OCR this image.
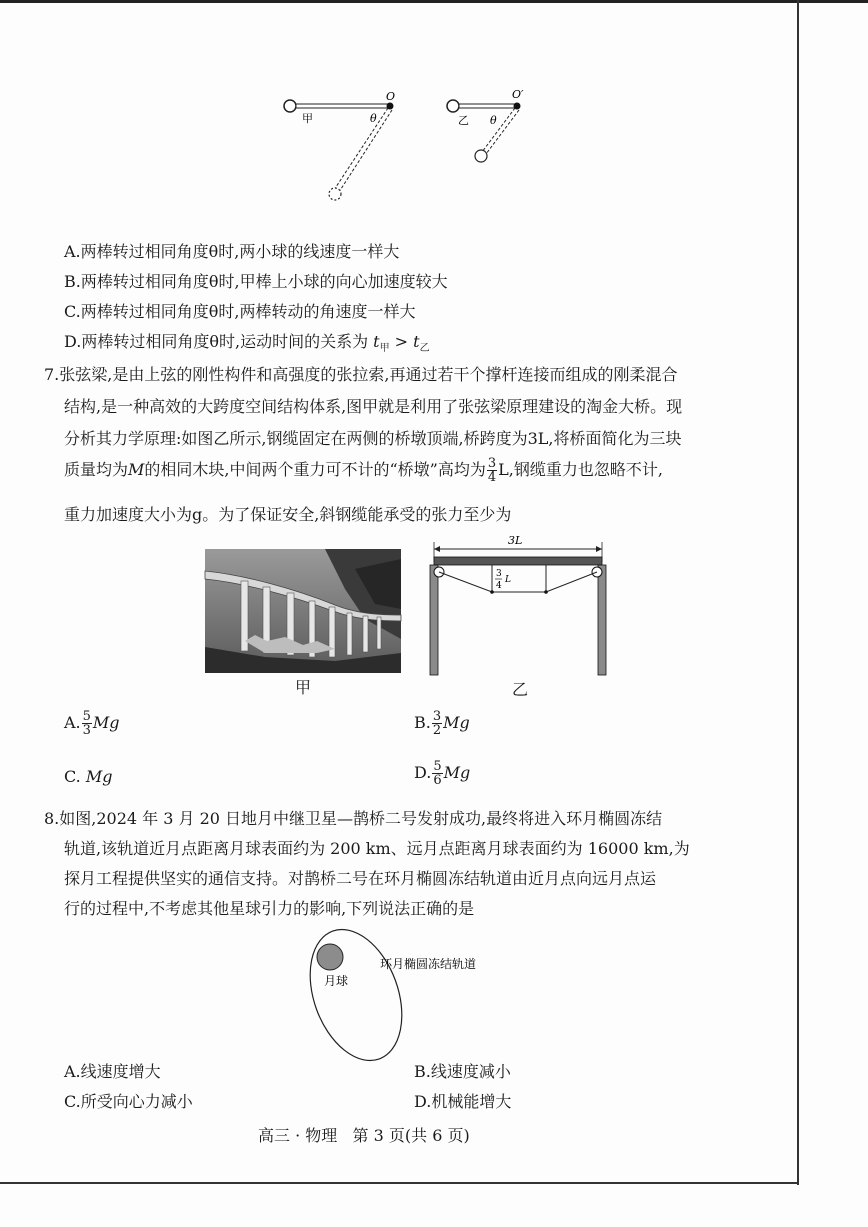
甲
O
θ	乙
O′
θ
A.两棒转过相同角度θ时,两小球的线速度一样大
B.两棒转过相同角度θ时,甲棒上小球的向心加速度较大
C.两棒转过相同角度θ时,两棒转动的角速度一样大
D.两棒转过相同角度θ时,运动时间的关系为 $t_甲 > t_乙$
7.张弦梁,是由上弦的刚性构件和高强度的张拉索,再通过若干个撑杆连接而组成的刚柔混合
结构,是一种高效的大跨度空间结构体系,图甲就是利用了张弦梁原理建设的淘金大桥。现
分析其力学原理:如图乙所示,钢缆固定在两侧的桥墩顶端,桥跨度为3L,将桥面简化为三块
质量均为M的相同木块,中间两个重力可不计的“桥墩”高均为 $\frac{3}{4} L$,钢缆重力也忽略不计,
重力加速度大小为g。为了保证安全,斜钢缆能承受的张力至少为
甲
3L
3
4
L
乙
A. $\frac{5}{3}$ Mg	B. $\frac{3}{2}$ Mg
C. Mg	D. $\frac{5}{6}$ Mg
8.如图,2024 年 3 月 20 日地月中继卫星—鹊桥二号发射成功,最终将进入环月椭圆冻结
轨道,该轨道近月点距离月球表面约为 200 km、远月点距离月球表面约为 16000 km,为
探月工程提供坚实的通信支持。对鹊桥二号在环月椭圆冻结轨道由近月点向远月点运
行的过程中,不考虑其他星球引力的影响,下列说法正确的是
月球
环月椭圆冻结轨道
A.线速度增大	B.线速度减小
C.所受向心力减小	D.机械能增大
高三 · 物理   第 3 页(共 6 页)
